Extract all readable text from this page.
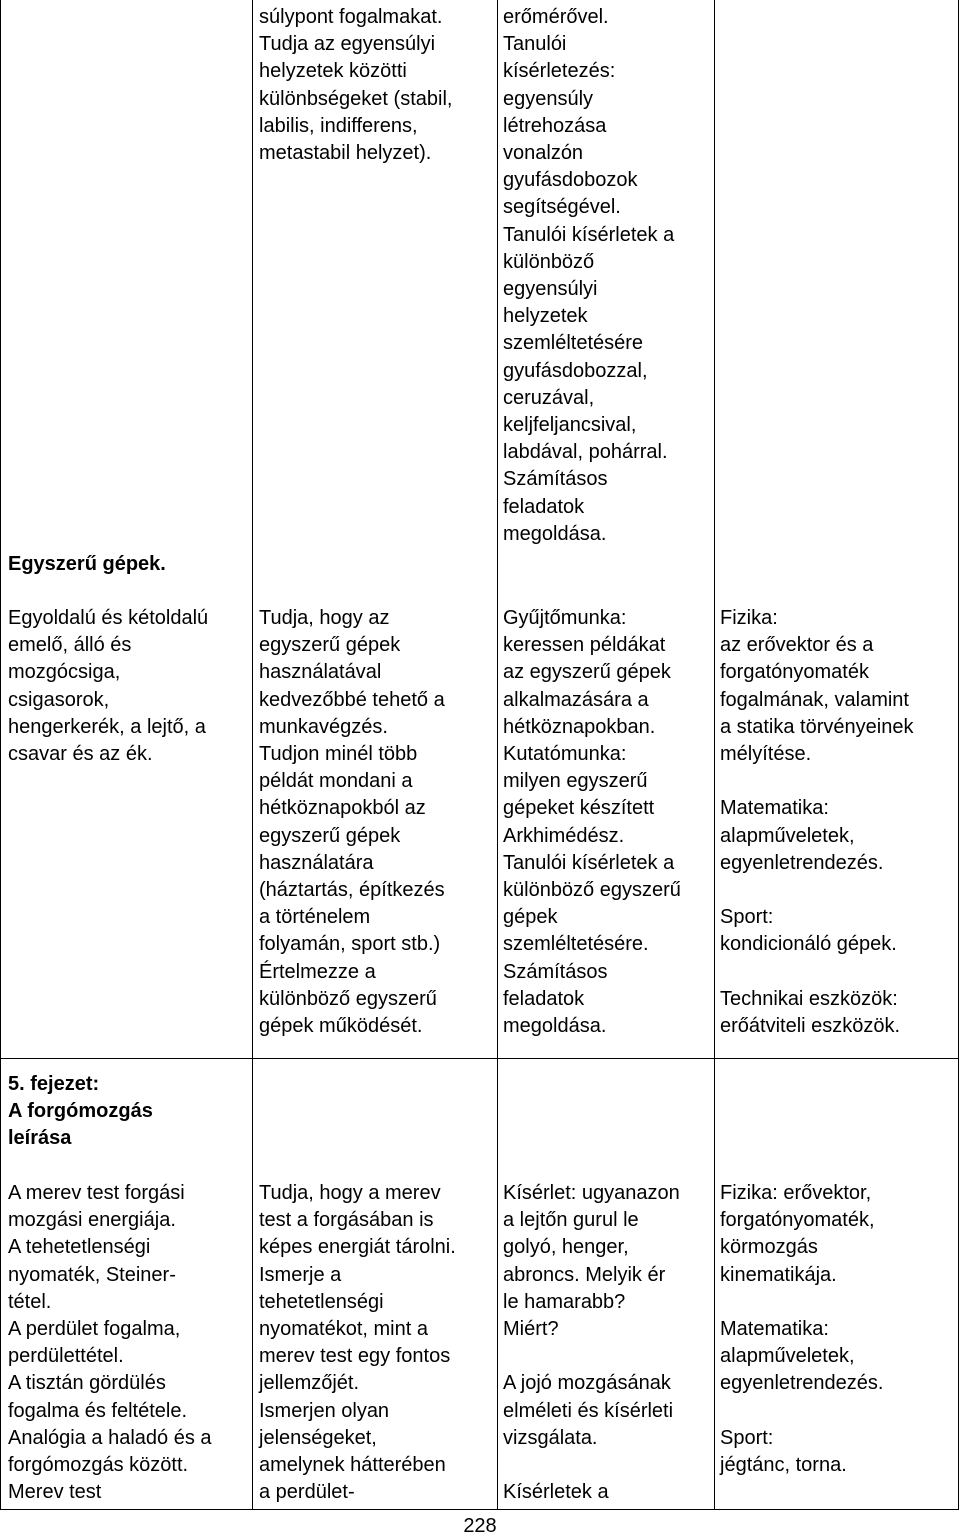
súlypont fogalmakat.
Tudja az egyensúlyi
helyzetek közötti
különbségeket (stabil,
labilis, indifferens,
metastabil helyzet).
erőmérővel.
Tanulói
kísérletezés:
egyensúly
létrehozása
vonalzón
gyufásdobozok
segítségével.
Tanulói kísérletek a
különböző
egyensúlyi
helyzetek
szemléltetésére
gyufásdobozzal,
ceruzával,
keljfeljancsival,
labdával, pohárral.
Számításos
feladatok
megoldása.
Egyszerű gépek.
Egyoldalú és kétoldalú
emelő, álló és
mozgócsiga,
csigasorok,
hengerkerék, a lejtő, a
csavar és az ék.
Tudja, hogy az
egyszerű gépek
használatával
kedvezőbbé tehető a
munkavégzés.
Tudjon minél több
példát mondani a
hétköznapokból az
egyszerű gépek
használatára
(háztartás, építkezés
a történelem
folyamán, sport stb.)
Értelmezze a
különböző egyszerű
gépek működését.
Gyűjtőmunka:
keressen példákat
az egyszerű gépek
alkalmazására a
hétköznapokban.
Kutatómunka:
milyen egyszerű
gépeket készített
Arkhimédész.
Tanulói kísérletek a
különböző egyszerű
gépek
szemléltetésére.
Számításos
feladatok
megoldása.
Fizika:
az erővektor és a
forgatónyomaték
fogalmának, valamint
a statika törvényeinek
mélyítése.
Matematika:
alapműveletek,
egyenletrendezés.
Sport:
kondicionáló gépek.
Technikai eszközök:
erőátviteli eszközök.
5. fejezet:
A forgómozgás
leírása
A merev test forgási
mozgási energiája.
A tehetetlenségi
nyomaték, Steiner-
tétel.
A perdület fogalma,
perdülettétel.
A tisztán gördülés
fogalma és feltétele.
Analógia a haladó és a
forgómozgás között.
Merev test
Tudja, hogy a merev
test a forgásában is
képes energiát tárolni.
Ismerje a
tehetetlenségi
nyomatékot, mint a
merev test egy fontos
jellemzőjét.
Ismerjen olyan
jelenségeket,
amelynek hátterében
a perdület-
Kísérlet: ugyanazon
a lejtőn gurul le
golyó, henger,
abroncs. Melyik ér
le hamarabb?
Miért?
A jojó mozgásának
elméleti és kísérleti
vizsgálata.
Kísérletek a
Fizika: erővektor,
forgatónyomaték,
körmozgás
kinematikája.
Matematika:
alapműveletek,
egyenletrendezés.
Sport:
jégtánc, torna.
228
